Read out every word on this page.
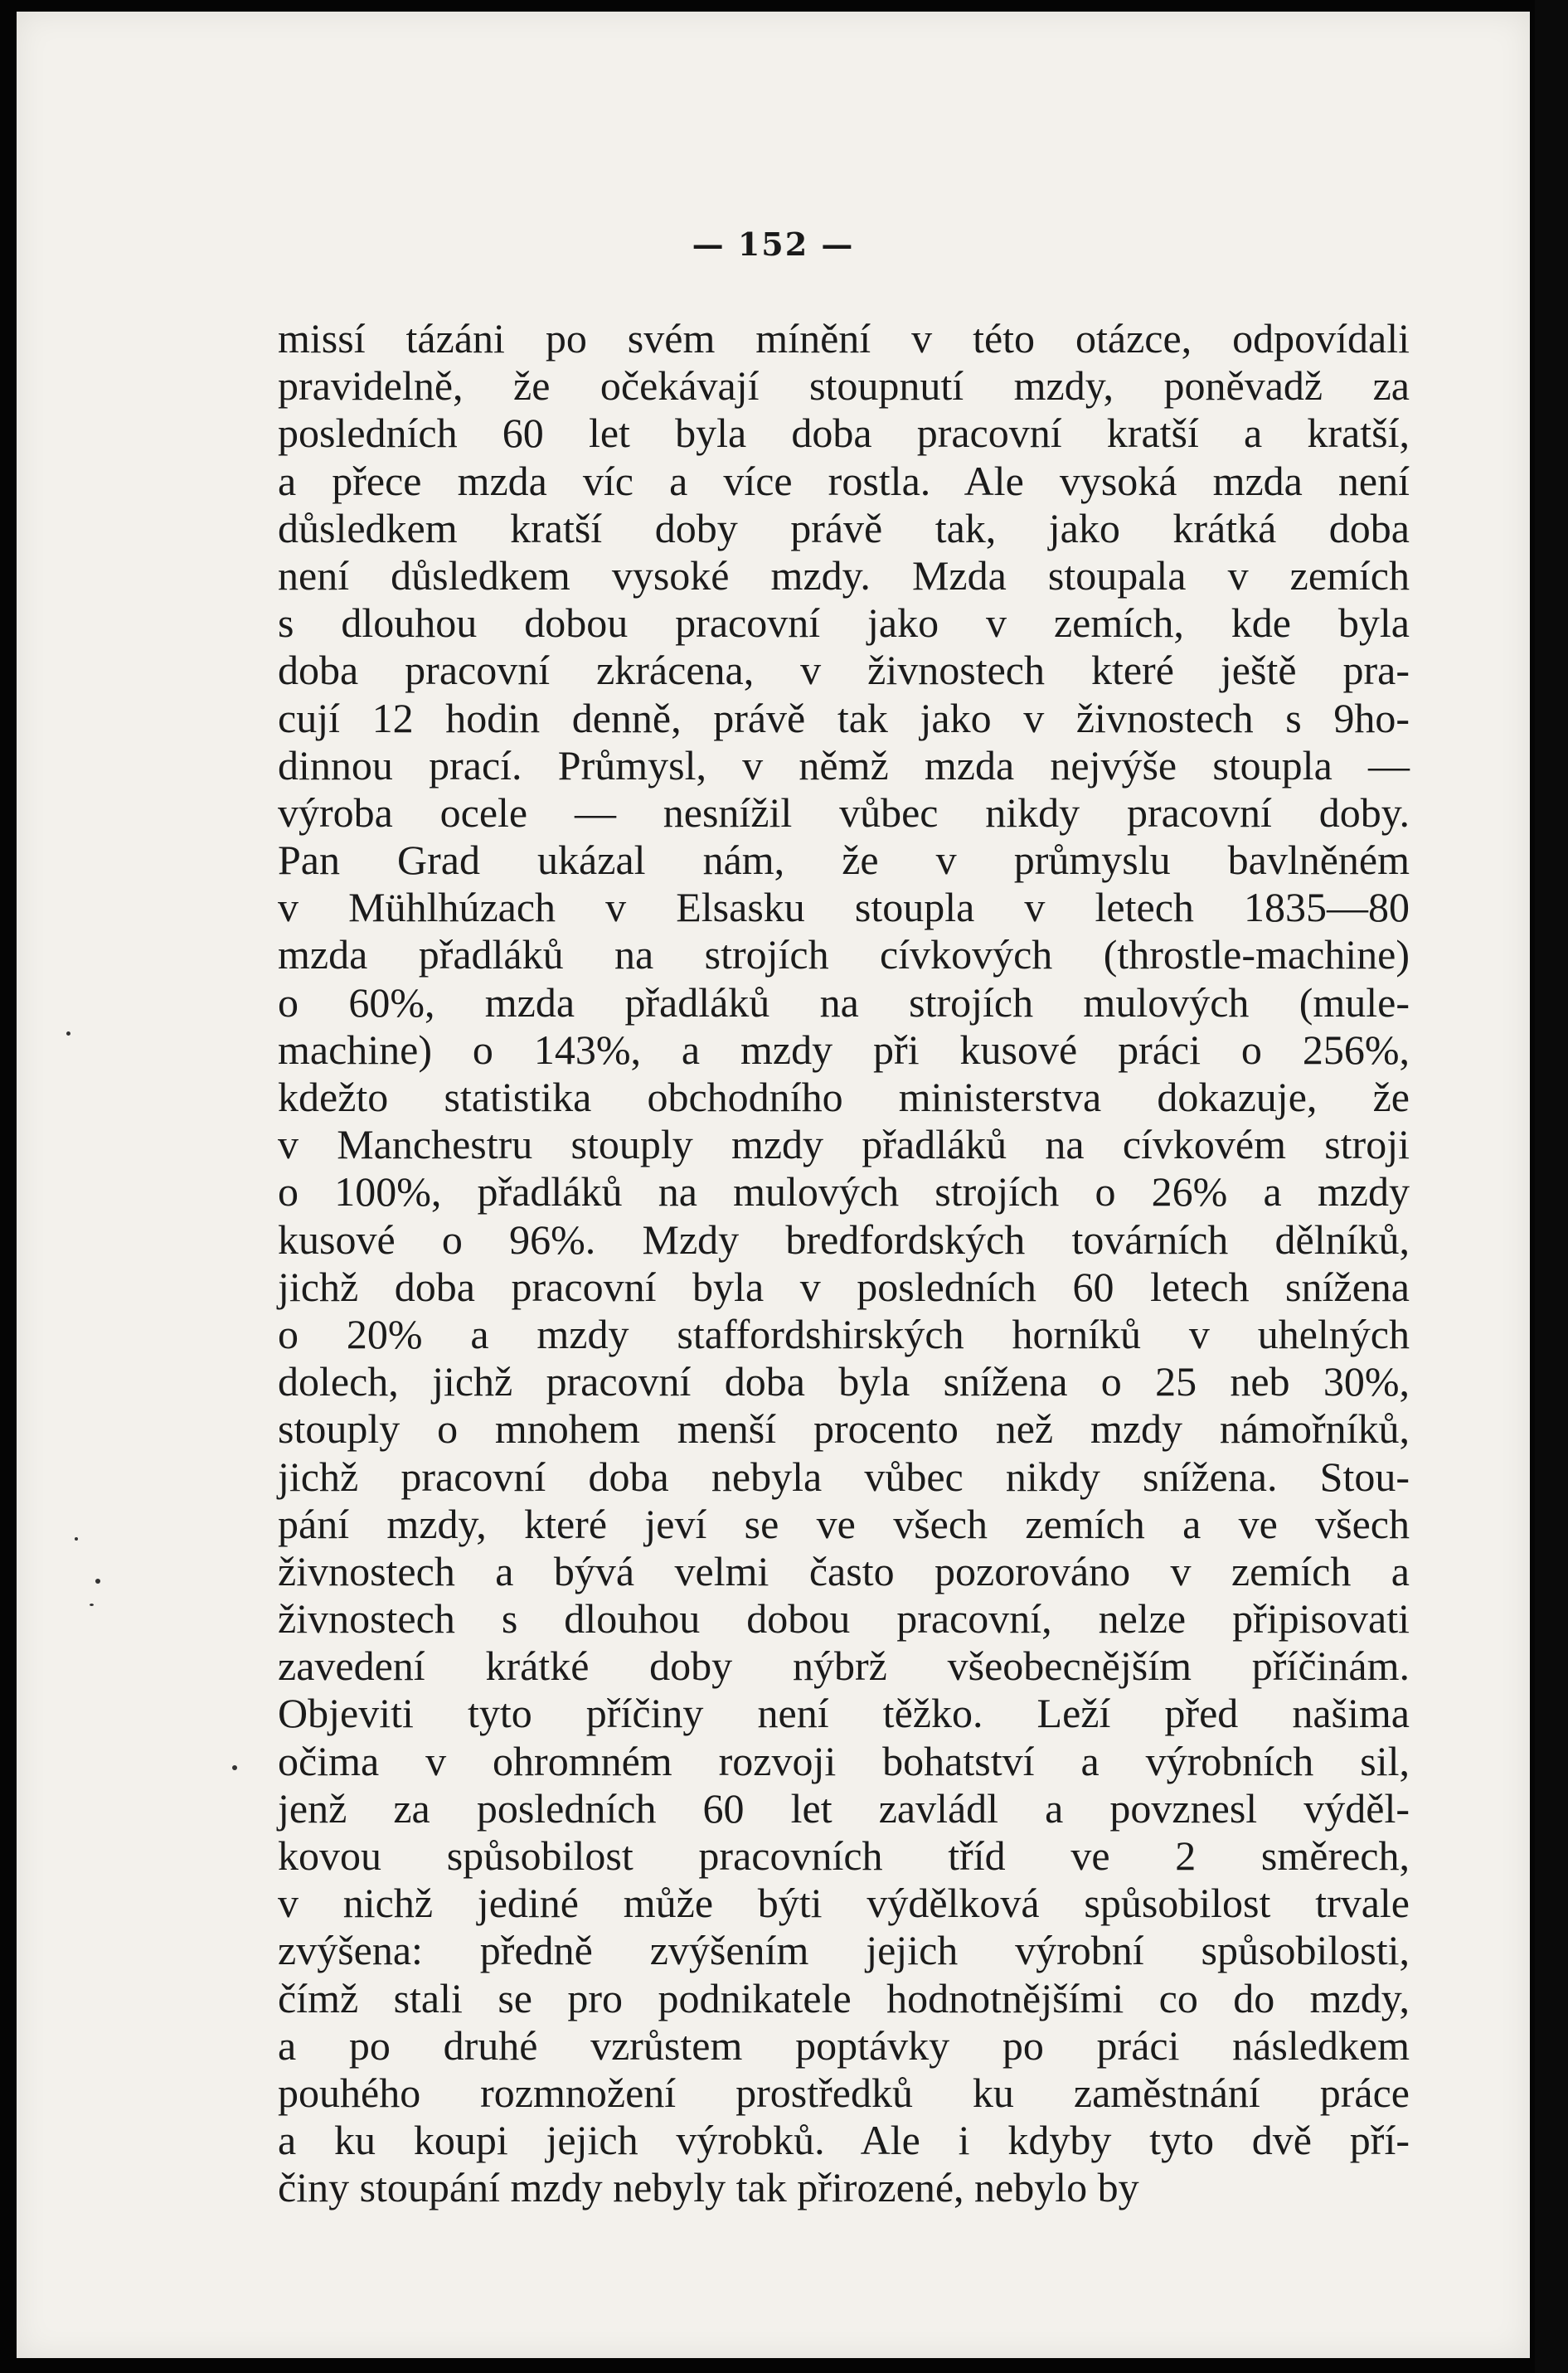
— 152 —
missí tázáni po svém mínění v této otázce, odpovídali
pravidelně, že očekávají stoupnutí mzdy, poněvadž za
posledních 60 let byla doba pracovní kratší a kratší,
a přece mzda víc a více rostla. Ale vysoká mzda není
důsledkem kratší doby právě tak, jako krátká doba
není důsledkem vysoké mzdy. Mzda stoupala v zemích
s dlouhou dobou pracovní jako v zemích, kde byla
doba pracovní zkrácena, v živnostech které ještě pra-
cují 12 hodin denně, právě tak jako v živnostech s 9ho-
dinnou prací. Průmysl, v němž mzda nejvýše stoupla —
výroba ocele — nesnížil vůbec nikdy pracovní doby.
Pan Grad ukázal nám, že v průmyslu bavlněném
v Mühlhúzach v Elsasku stoupla v letech 1835—80
mzda přadláků na strojích cívkových (throstle-machine)
o 60%, mzda přadláků na strojích mulových (mule-
machine) o 143%, a mzdy při kusové práci o 256%,
kdežto statistika obchodního ministerstva dokazuje, že
v Manchestru stouply mzdy přadláků na cívkovém stroji
o 100%, přadláků na mulových strojích o 26% a mzdy
kusové o 96%. Mzdy bredfordských továrních dělníků,
jichž doba pracovní byla v posledních 60 letech snížena
o 20% a mzdy staffordshirských horníků v uhelných
dolech, jichž pracovní doba byla snížena o 25 neb 30%,
stouply o mnohem menší procento než mzdy námořníků,
jichž pracovní doba nebyla vůbec nikdy snížena. Stou-
pání mzdy, které jeví se ve všech zemích a ve všech
živnostech a bývá velmi často pozorováno v zemích a
živnostech s dlouhou dobou pracovní, nelze připisovati
zavedení krátké doby nýbrž všeobecnějším příčinám.
Objeviti tyto příčiny není těžko. Leží před našima
očima v ohromném rozvoji bohatství a výrobních sil,
jenž za posledních 60 let zavládl a povznesl výděl-
kovou spůsobilost pracovních tříd ve 2 směrech,
v nichž jediné může býti výdělková spůsobilost trvale
zvýšena: předně zvýšením jejich výrobní spůsobilosti,
čímž stali se pro podnikatele hodnotnějšími co do mzdy,
a po druhé vzrůstem poptávky po práci následkem
pouhého rozmnožení prostředků ku zaměstnání práce
a ku koupi jejich výrobků. Ale i kdyby tyto dvě pří-
činy stoupání mzdy nebyly tak přirozené, nebylo by
